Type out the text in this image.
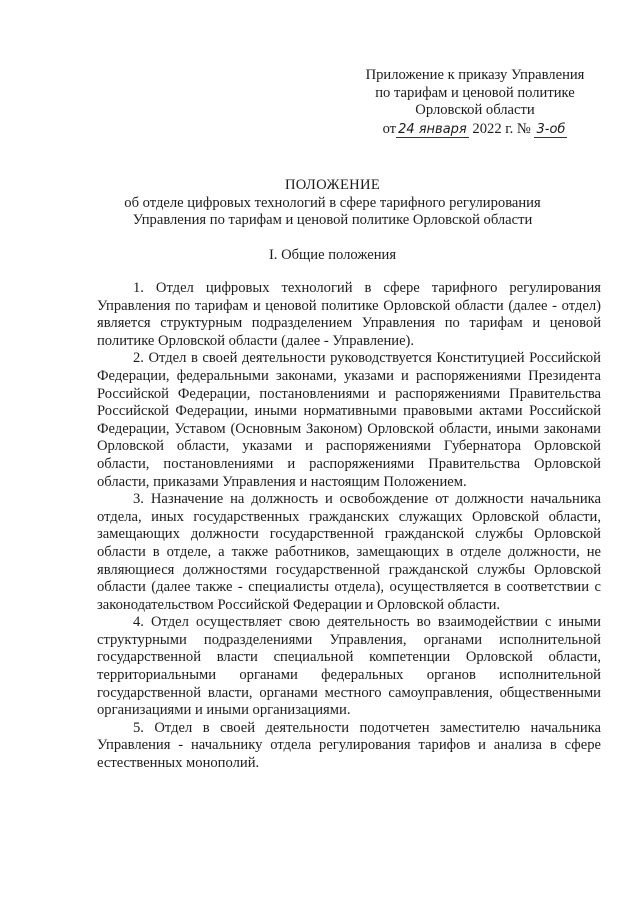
Приложение к приказу Управления
по тарифам и ценовой политике
Орловской области
от 24 января 2022 г. № 3-об
ПОЛОЖЕНИЕ
об отделе цифровых технологий в сфере тарифного регулирования
Управления по тарифам и ценовой политике Орловской области
I. Общие положения

1. Отдел цифровых технологий в сфере тарифного регулирования Управления по тарифам и ценовой политике Орловской области (далее - отдел) является структурным подразделением Управления по тарифам и ценовой политике Орловской области (далее - Управление).

2. Отдел в своей деятельности руководствуется Конституцией Российской Федерации, федеральными законами, указами и распоряжениями Президента Российской Федерации, постановлениями и распоряжениями Правительства Российской Федерации, иными нормативными правовыми актами Российской Федерации, Уставом (Основным Законом) Орловской области, иными законами Орловской области, указами и распоряжениями Губернатора Орловской области, постановлениями и распоряжениями Правительства Орловской области, приказами Управления и настоящим Положением.

3. Назначение на должность и освобождение от должности начальника отдела, иных государственных гражданских служащих Орловской области, замещающих должности государственной гражданской службы Орловской области в отделе, а также работников, замещающих в отделе должности, не являющиеся должностями государственной гражданской службы Орловской области (далее также - специалисты отдела), осуществляется в соответствии с законодательством Российской Федерации и Орловской области.

4. Отдел осуществляет свою деятельность во взаимодействии с иными структурными подразделениями Управления, органами исполнительной государственной власти специальной компетенции Орловской области, территориальными органами федеральных органов исполнительной государственной власти, органами местного самоуправления, общественными организациями и иными организациями.

5. Отдел в своей деятельности подотчетен заместителю начальника Управления - начальнику отдела регулирования тарифов и анализа в сфере естественных монополий.
